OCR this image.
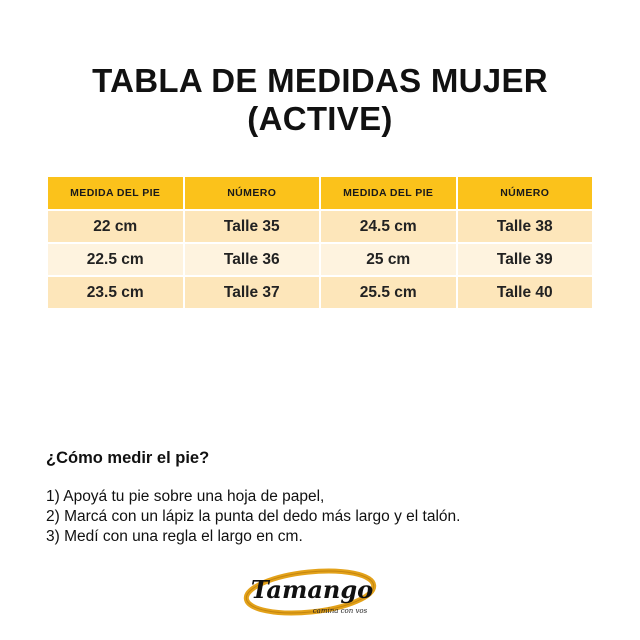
TABLA DE MEDIDAS MUJER
(ACTIVE)
MEDIDA DEL PIE	NÚMERO	MEDIDA DEL PIE	NÚMERO
22 cm	Talle 35	24.5 cm	Talle 38
22.5 cm	Talle 36	25 cm	Talle 39
23.5 cm	Talle 37	25.5 cm	Talle 40
¿Cómo medir el pie?
1) Apoyá tu pie sobre una hoja de papel,
2) Marcá con un lápiz la punta del dedo más largo y el talón.
3) Medí con una regla el largo en cm.
Tamango
camina con vos
